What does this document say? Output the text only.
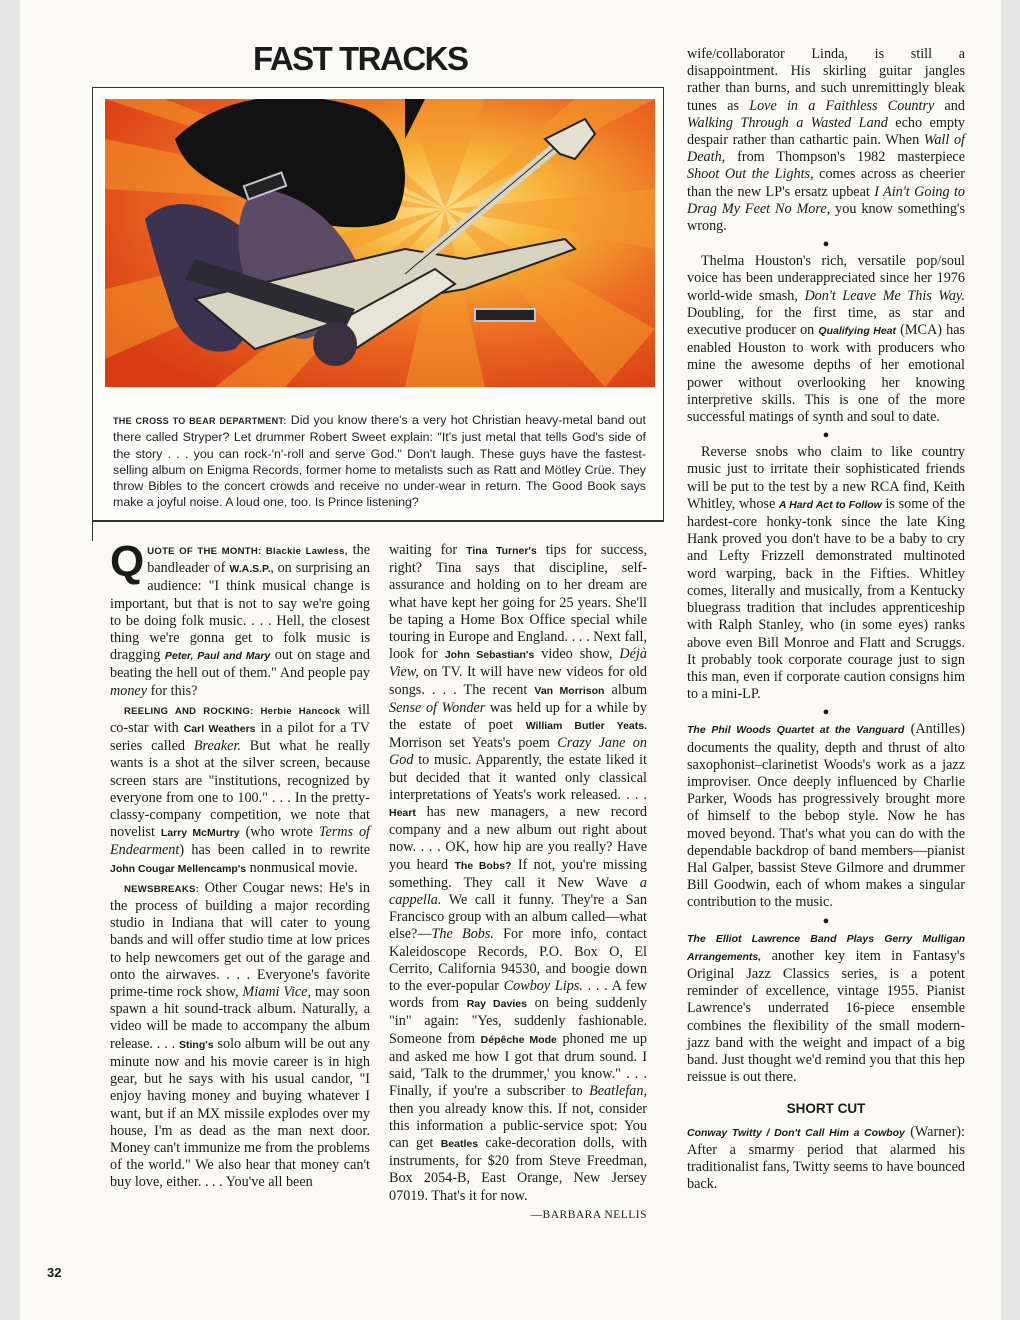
FAST TRACKS
THE CROSS TO BEAR DEPARTMENT: Did you know there's a very hot Christian heavy-metal band out there called Stryper? Let drummer Robert Sweet explain: "It's just metal that tells God's side of the story . . . you can rock-'n'-roll and serve God." Don't laugh. These guys have the fastest-selling album on Enigma Records, former home to metalists such as Ratt and Mötley Crüe. They throw Bibles to the concert crowds and receive no under-wear in return. The Good Book says make a joyful noise. A loud one, too. Is Prince listening?

QUOTE OF THE MONTH: Blackie Lawless, the bandleader of W.A.S.P., on surprising an audience: "I think musical change is important, but that is not to say we're going to be doing folk music. . . . Hell, the closest thing we're gonna get to folk music is dragging Peter, Paul and Mary out on stage and beating the hell out of them." And people pay money for this?

REELING AND ROCKING: Herbie Hancock will co-star with Carl Weathers in a pilot for a TV series called Breaker. But what he really wants is a shot at the silver screen, because screen stars are "institutions, recognized by everyone from one to 100." . . . In the pretty-classy-company competition, we note that novelist Larry McMurtry (who wrote Terms of Endearment) has been called in to rewrite John Cougar Mellencamp's nonmusical movie.

NEWSBREAKS: Other Cougar news: He's in the process of building a major recording studio in Indiana that will cater to young bands and will offer studio time at low prices to help newcomers get out of the garage and onto the airwaves. . . . Everyone's favorite prime-time rock show, Miami Vice, may soon spawn a hit sound-track album. Naturally, a video will be made to accompany the album release. . . . Sting's solo album will be out any minute now and his movie career is in high gear, but he says with his usual candor, "I enjoy having money and buying whatever I want, but if an MX missile explodes over my house, I'm as dead as the man next door. Money can't immunize me from the problems of the world." We also hear that money can't buy love, either. . . . You've all been

waiting for Tina Turner's tips for success, right? Tina says that discipline, self-assurance and holding on to her dream are what have kept her going for 25 years. She'll be taping a Home Box Office special while touring in Europe and England. . . . Next fall, look for John Sebastian's video show, Déjà View, on TV. It will have new videos for old songs. . . . The recent Van Morrison album Sense of Wonder was held up for a while by the estate of poet William Butler Yeats. Morrison set Yeats's poem Crazy Jane on God to music. Apparently, the estate liked it but decided that it wanted only classical interpretations of Yeats's work released. . . . Heart has new managers, a new record company and a new album out right about now. . . . OK, how hip are you really? Have you heard The Bobs? If not, you're missing something. They call it New Wave a cappella. We call it funny. They're a San Francisco group with an album called—what else?—The Bobs. For more info, contact Kaleidoscope Records, P.O. Box O, El Cerrito, California 94530, and boogie down to the ever-popular Cowboy Lips. . . . A few words from Ray Davies on being suddenly "in" again: "Yes, suddenly fashionable. Someone from Dépêche Mode phoned me up and asked me how I got that drum sound. I said, 'Talk to the drummer,' you know." . . . Finally, if you're a subscriber to Beatlefan, then you already know this. If not, consider this information a public-service spot: You can get Beatles cake-decoration dolls, with instruments, for $20 from Steve Freedman, Box 2054-B, East Orange, New Jersey 07019. That's it for now.

—BARBARA NELLIS

wife/collaborator Linda, is still a disappointment. His skirling guitar jangles rather than burns, and such unremittingly bleak tunes as Love in a Faithless Country and Walking Through a Wasted Land echo empty despair rather than cathartic pain. When Wall of Death, from Thompson's 1982 masterpiece Shoot Out the Lights, comes across as cheerier than the new LP's ersatz upbeat I Ain't Going to Drag My Feet No More, you know something's wrong.

●

Thelma Houston's rich, versatile pop/soul voice has been underappreciated since her 1976 world-wide smash, Don't Leave Me This Way. Doubling, for the first time, as star and executive producer on Qualifying Heat (MCA) has enabled Houston to work with producers who mine the awesome depths of her emotional power without overlooking her knowing interpretive skills. This is one of the more successful matings of synth and soul to date.

●

Reverse snobs who claim to like country music just to irritate their sophisticated friends will be put to the test by a new RCA find, Keith Whitley, whose A Hard Act to Follow is some of the hardest-core honky-tonk since the late King Hank proved you don't have to be a baby to cry and Lefty Frizzell demonstrated multinoted word warping, back in the Fifties. Whitley comes, literally and musically, from a Kentucky bluegrass tradition that includes apprenticeship with Ralph Stanley, who (in some eyes) ranks above even Bill Monroe and Flatt and Scruggs. It probably took corporate courage just to sign this man, even if corporate caution consigns him to a mini-LP.

●

The Phil Woods Quartet at the Vanguard (Antilles) documents the quality, depth and thrust of alto saxophonist–clarinetist Woods's work as a jazz improviser. Once deeply influenced by Charlie Parker, Woods has progressively brought more of himself to the bebop style. Now he has moved beyond. That's what you can do with the dependable backdrop of band members—pianist Hal Galper, bassist Steve Gilmore and drummer Bill Goodwin, each of whom makes a singular contribution to the music.

●

The Elliot Lawrence Band Plays Gerry Mulligan Arrangements, another key item in Fantasy's Original Jazz Classics series, is a potent reminder of excellence, vintage 1955. Pianist Lawrence's underrated 16-piece ensemble combines the flexibility of the small modern-jazz band with the weight and impact of a big band. Just thought we'd remind you that this hep reissue is out there.

SHORT CUT

Conway Twitty / Don't Call Him a Cowboy (Warner): After a smarmy period that alarmed his traditionalist fans, Twitty seems to have bounced back.

32
